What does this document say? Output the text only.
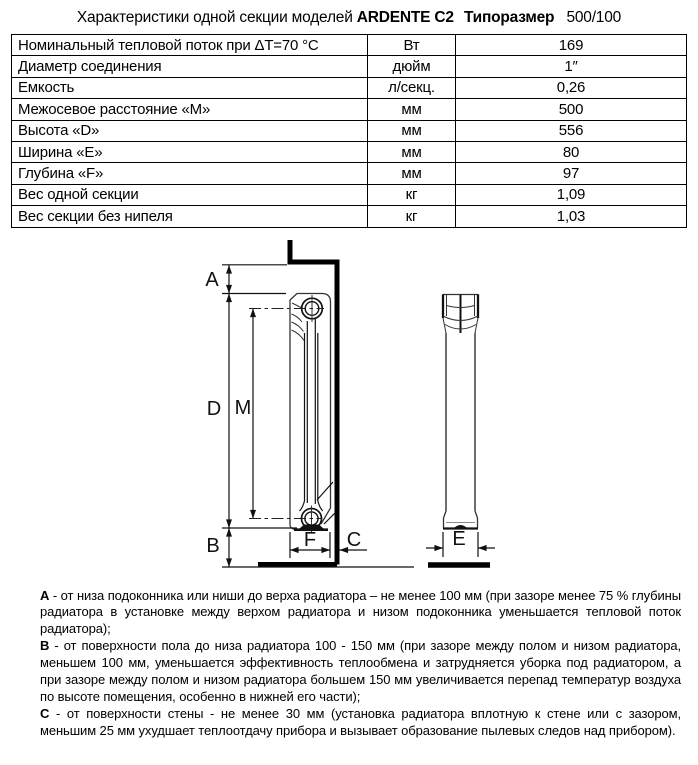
Характеристики одной секции моделей ARDENTE C2 Типоразмер 500/100
Номинальный тепловой поток при ΔТ=70 °С	Вт	169
Диаметр соединения	дюйм	1″
Емкость	л/секц.	0,26
Межосевое расстояние «М»	мм	500
Высота «D»	мм	556
Ширина «Е»	мм	80
Глубина «F»	мм	97
Вес одной секции	кг	1,09
Вес секции без нипеля	кг	1,03
A
D M
B	F C	E

А - от низа подоконника или ниши до верха радиатора – не менее 100 мм (при зазоре менее 75 % глубины радиатора в установке между верхом радиатора и низом подоконника уменьшается тепловой поток радиатора);

В - от поверхности пола до низа радиатора 100 - 150 мм (при зазоре между полом и низом радиатора, меньшем 100 мм, уменьшается эффективность теплообмена и затрудняется уборка под радиатором, а при зазоре между полом и низом радиатора большем 150 мм увеличивается перепад температур воздуха по высоте помещения, особенно в нижней его части);

С - от поверхности стены - не менее 30 мм (установка радиатора вплотную к стене или с зазором, меньшим 25 мм ухудшает теплоотдачу прибора и вызывает образование пылевых следов над прибором).
